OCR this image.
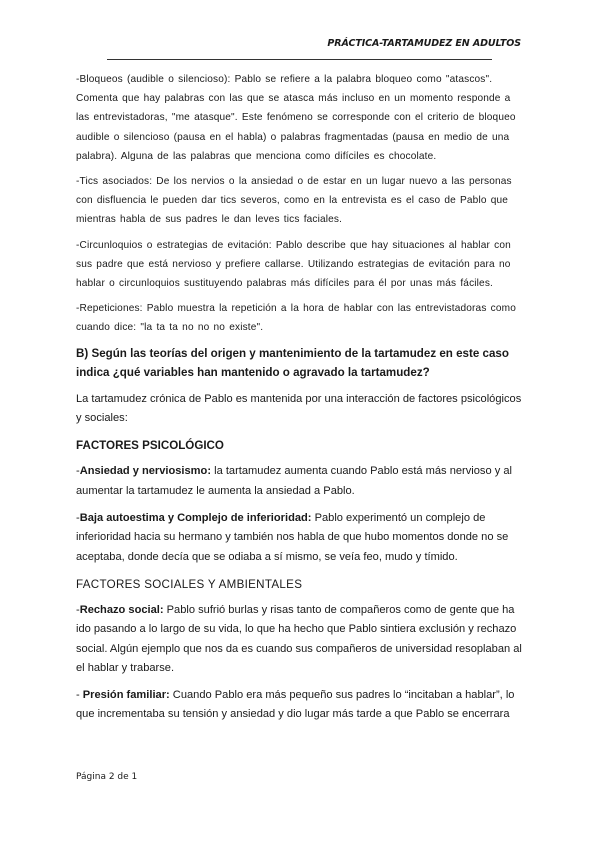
PRÁCTICA-TARTAMUDEZ EN ADULTOS

-Bloqueos (audible o silencioso): Pablo se refiere a la palabra bloqueo como "atascos". Comenta que hay palabras con las que se atasca más incluso en un momento responde a las entrevistadoras, "me atasque". Este fenómeno se corresponde con el criterio de bloqueo audible o silencioso (pausa en el habla) o palabras fragmentadas (pausa en medio de una palabra). Alguna de las palabras que menciona como difíciles es chocolate.

-Tics asociados: De los nervios o la ansiedad o de estar en un lugar nuevo a las personas con disfluencia le pueden dar tics severos, como en la entrevista es el caso de Pablo que mientras habla de sus padres le dan leves tics faciales.

-Circunloquios o estrategias de evitación: Pablo describe que hay situaciones al hablar con sus padre que está nervioso y prefiere callarse. Utilizando estrategias de evitación para no hablar o circunloquios sustituyendo palabras más difíciles para él por unas más fáciles.

-Repeticiones: Pablo muestra la repetición a la hora de hablar con las entrevistadoras como cuando dice: "la ta ta no no no existe".

B) Según las teorías del origen y mantenimiento de la tartamudez en este caso indica ¿qué variables han mantenido o agravado la tartamudez?

La tartamudez crónica de Pablo es mantenida por una interacción de factores psicológicos y sociales:

FACTORES PSICOLÓGICO

-Ansiedad y nerviosismo: la tartamudez aumenta cuando Pablo está más nervioso y al aumentar la tartamudez le aumenta la ansiedad a Pablo.

-Baja autoestima y Complejo de inferioridad: Pablo experimentó un complejo de inferioridad hacia su hermano y también nos habla de que hubo momentos donde no se aceptaba, donde decía que se odiaba a sí mismo, se veía feo, mudo y tímido.

FACTORES SOCIALES Y AMBIENTALES

-Rechazo social: Pablo sufrió burlas y risas tanto de compañeros como de gente que ha ido pasando a lo largo de su vida, lo que ha hecho que Pablo sintiera exclusión y rechazo social. Algún ejemplo que nos da es cuando sus compañeros de universidad resoplaban al el hablar y trabarse.

- Presión familiar: Cuando Pablo era más pequeño sus padres lo “incitaban a hablar”, lo que incrementaba su tensión y ansiedad y dio lugar más tarde a que Pablo se encerrara

Página 2 de 1
